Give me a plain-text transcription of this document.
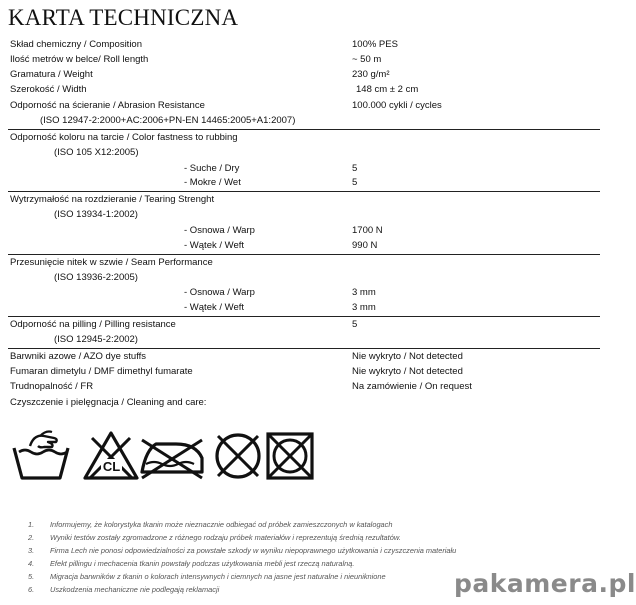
KARTA TECHNICZNA
Skład chemiczny / Composition	100% PES
Ilość metrów w belce/ Roll length	~ 50 m
Gramatura / Weight	230 g/m²
Szerokość / Width	148 cm ± 2 cm
Odporność na ścieranie / Abrasion Resistance	100.000 cykli / cycles
(ISO 12947-2:2000+AC:2006+PN-EN 14465:2005+A1:2007)
Odporność koloru na tarcie / Color fastness to rubbing
(ISO 105 X12:2005)
- Suche / Dry	5
- Mokre / Wet	5
Wytrzymałość na rozdzieranie / Tearing Strenght
(ISO 13934-1:2002)
- Osnowa / Warp	1700 N
- Wątek / Weft	990 N
Przesunięcie nitek w szwie / Seam Performance
(ISO 13936-2:2005)
- Osnowa / Warp	3 mm
- Wątek / Weft	3 mm
Odporność na pilling / Pilling resistance	5
(ISO 12945-2:2002)
Barwniki azowe / AZO dye stuffs	Nie wykryto / Not detected
Fumaran dimetylu / DMF dimethyl fumarate	Nie wykryto / Not detected
Trudnopalność / FR	Na zamówienie / On request
Czyszczenie i pielęgnacja / Cleaning and care:
CL
1. Informujemy, że kolorystyka tkanin może nieznacznie odbiegać od próbek zamieszczonych w katalogach
2. Wyniki testów zostały zgromadzone z różnego rodzaju próbek materiałów i reprezentują średnią rezultatów.
3. Firma Lech nie ponosi odpowiedzialności za powstałe szkody w wyniku niepoprawnego użytkowania i czyszczenia materiału
4. Efekt pillingu i mechacenia tkanin powstały podczas użytkowania mebli jest rzeczą naturalną.
5. Migracja barwników z tkanin o kolorach intensywnych i ciemnych na jasne jest naturalne i nieuniknione
6. Uszkodzenia mechaniczne nie podlegają reklamacji	pakamera.pl
